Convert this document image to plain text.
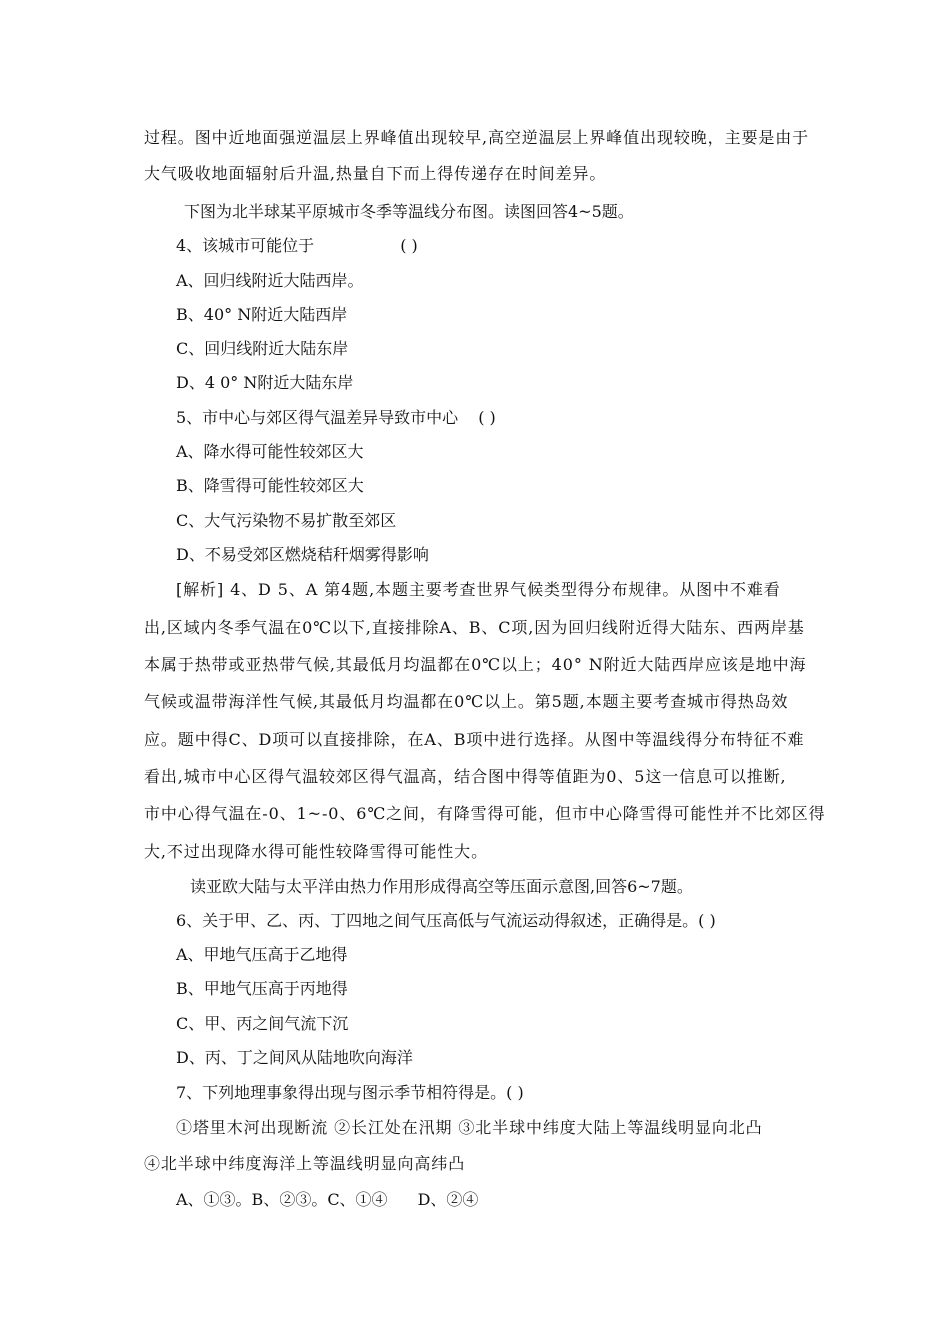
过程。图中近地面强逆温层上界峰值出现较早,高空逆温层上界峰值出现较晚，主要是由于
大气吸收地面辐射后升温,热量自下而上得传递存在时间差异。
下图为北半球某平原城市冬季等温线分布图。读图回答4~5题。
4、该城市可能位于	( )
A、回归线附近大陆西岸。
B、40° N附近大陆西岸
C、回归线附近大陆东岸
D、4 0° N附近大陆东岸
5、市中心与郊区得气温差异导致市中心 ( )
A、降水得可能性较郊区大
B、降雪得可能性较郊区大
C、大气污染物不易扩散至郊区
D、不易受郊区燃烧秸秆烟雾得影响
[解析] 4、D 5、A 第4题,本题主要考查世界气候类型得分布规律。从图中不难看
出,区域内冬季气温在0℃以下,直接排除A、B、C项,因为回归线附近得大陆东、西两岸基
本属于热带或亚热带气候,其最低月均温都在0℃以上；40° N附近大陆西岸应该是地中海
气候或温带海洋性气候,其最低月均温都在0℃以上。第5题,本题主要考查城市得热岛效
应。题中得C、D项可以直接排除，在A、B项中进行选择。从图中等温线得分布特征不难
看出,城市中心区得气温较郊区得气温高，结合图中得等值距为0、5这一信息可以推断,
市中心得气温在-0、1~-0、6℃之间，有降雪得可能，但市中心降雪得可能性并不比郊区得
大,不过出现降水得可能性较降雪得可能性大。
读亚欧大陆与太平洋由热力作用形成得高空等压面示意图,回答6~7题。
6、关于甲、乙、丙、丁四地之间气压高低与气流运动得叙述，正确得是。( )
A、甲地气压高于乙地得
B、甲地气压高于丙地得
C、甲、丙之间气流下沉
D、丙、丁之间风从陆地吹向海洋
7、下列地理事象得出现与图示季节相符得是。( )
①塔里木河出现断流 ②长江处在汛期 ③北半球中纬度大陆上等温线明显向北凸
④北半球中纬度海洋上等温线明显向高纬凸
A、①③。B、②③。C、①④ D、②④
